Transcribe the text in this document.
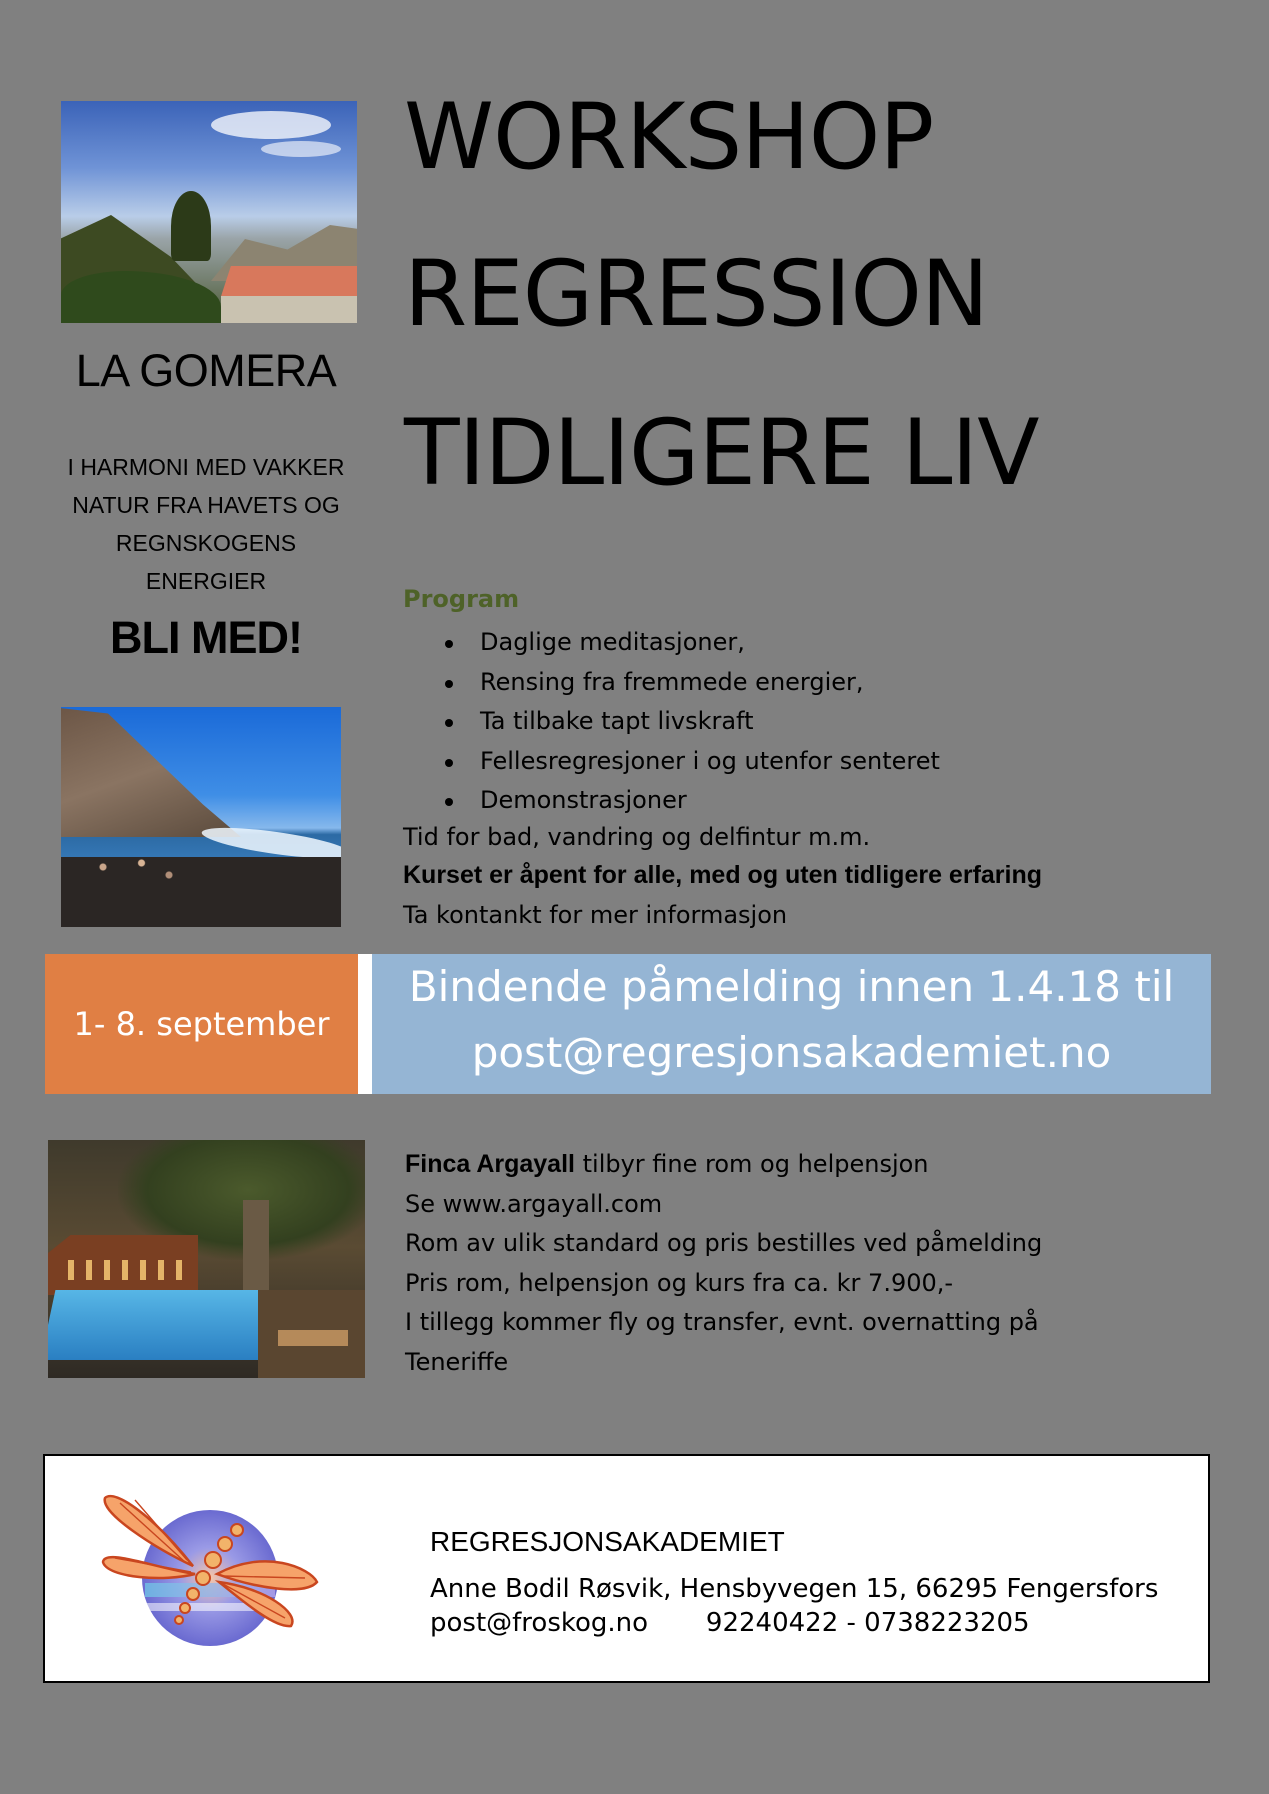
LA GOMERA
I HARMONI MED VAKKER
NATUR FRA HAVETS OG
REGNSKOGENS
ENERGIER
BLI MED!
WORKSHOP
REGRESSION
TIDLIGERE LIV
Program
Daglige meditasjoner,
Rensing fra fremmede energier,
Ta tilbake tapt livskraft
Fellesregresjoner i og utenfor senteret
Demonstrasjoner
Tid for bad, vandring og delfintur m.m.
Kurset er åpent for alle, med og uten tidligere erfaring
Ta kontankt for mer informasjon
1- 8. september
Bindende påmelding innen 1.4.18 til
post@regresjonsakademiet.no
Finca Argayall tilbyr fine rom og helpensjon
Se www.argayall.com
Rom av ulik standard og pris bestilles ved påmelding
Pris rom, helpensjon og kurs fra ca. kr 7.900,-
I tillegg kommer fly og transfer, evnt. overnatting på
Teneriffe
REGRESJONSAKADEMIET
Anne Bodil Røsvik, Hensbyvegen 15, 66295 Fengersfors
post@froskog.no       92240422 - 0738223205
